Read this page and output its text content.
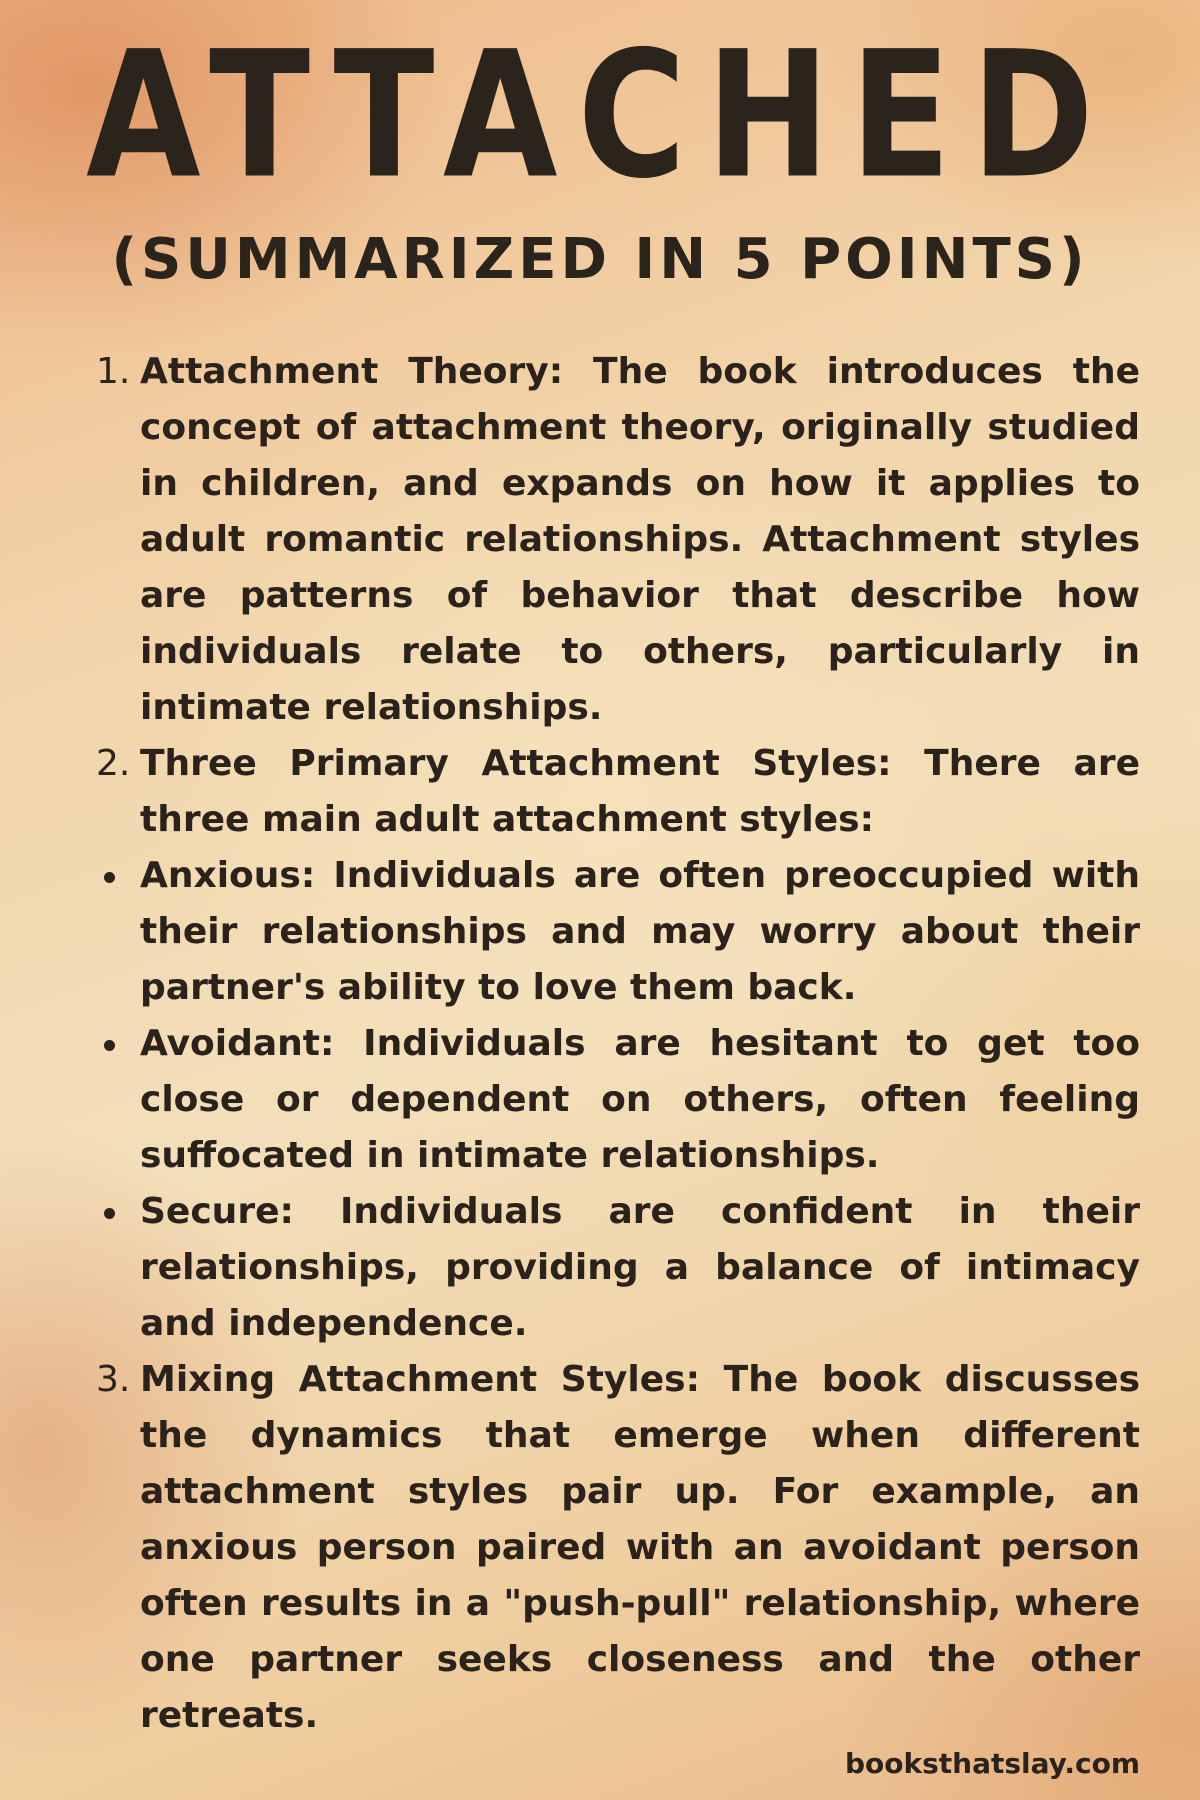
ATTACHED
(SUMMARIZED IN 5 POINTS)
1. Attachment Theory: The book introduces the concept of attachment theory, originally studied in children, and expands on how it applies to adult romantic relationships. Attachment styles are patterns of behavior that describe how individuals relate to others, particularly in intimate relationships.
2. Three Primary Attachment Styles: There are three main adult attachment styles:
Anxious: Individuals are often preoccupied with their relationships and may worry about their partner's ability to love them back.
Avoidant: Individuals are hesitant to get too close or dependent on others, often feeling suffocated in intimate relationships.
Secure: Individuals are confident in their relationships, providing a balance of intimacy and independence.
3. Mixing Attachment Styles: The book discusses the dynamics that emerge when different attachment styles pair up. For example, an anxious person paired with an avoidant person often results in a "push-pull" relationship, where one partner seeks closeness and the other retreats.
booksthatslay.com
